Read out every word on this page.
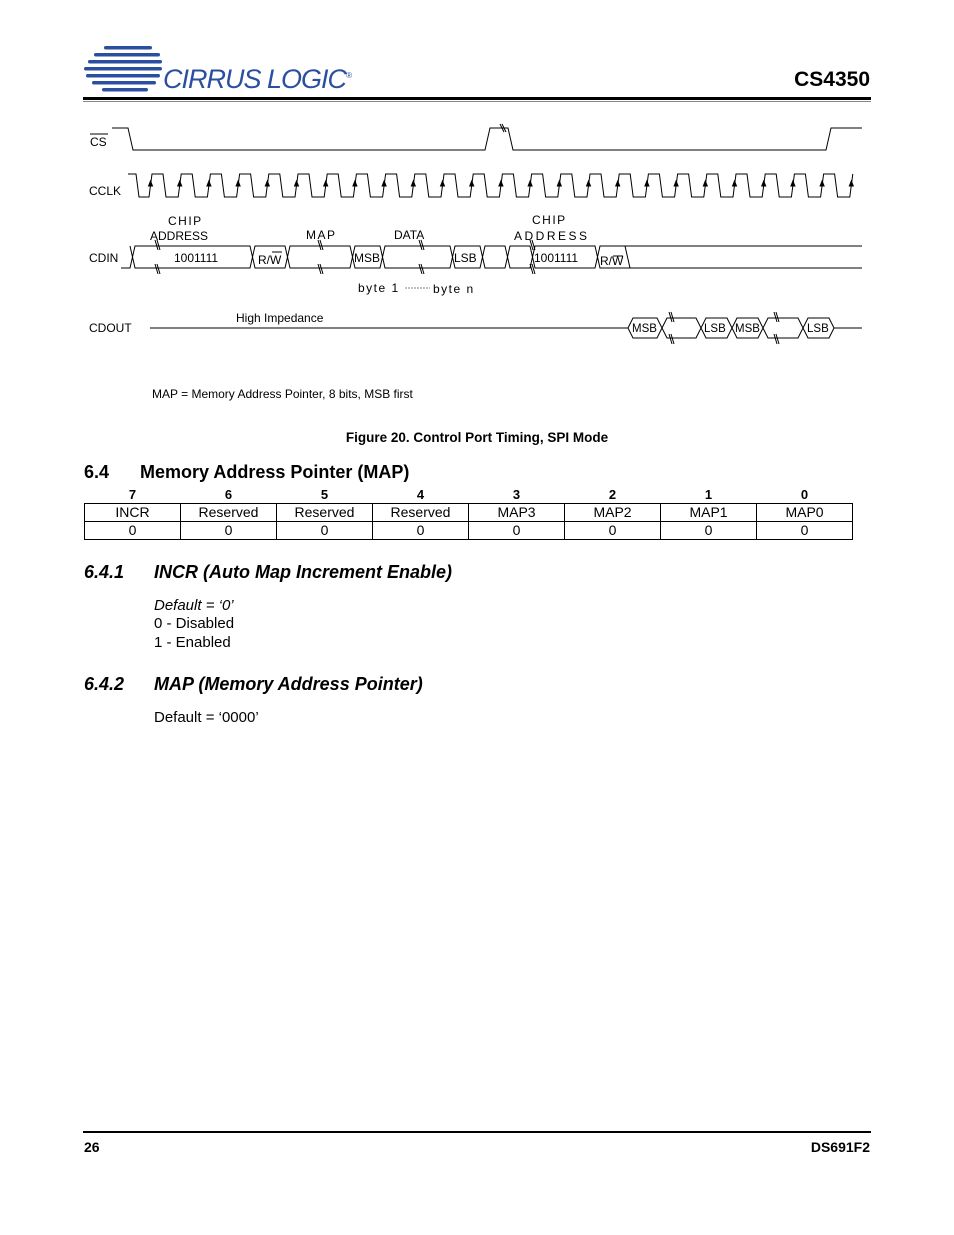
CIRRUS LOGIC®	CS4350
CS
CCLK
CDIN
CDOUT
CHIP
ADDRESS	MAP	DATA
CHIP
ADDRESS
1001111	R/W	MSB	LSB	1001111 R/W
byte 1	byte n
High Impedance
MSB	LSB MSB	LSB
MAP = Memory Address Pointer, 8 bits, MSB first
Figure 20. Control Port Timing, SPI Mode
6.4 Memory Address Pointer (MAP)
7	6	5	4	3	2	1	0
INCR	Reserved	Reserved	Reserved	MAP3	MAP2	MAP1	MAP0
0	0	0	0	0	0	0	0
6.4.1 INCR (Auto Map Increment Enable)
Default = ‘0’
0 - Disabled
1 - Enabled
6.4.2 MAP (Memory Address Pointer)
Default = ‘0000’
26	DS691F2
